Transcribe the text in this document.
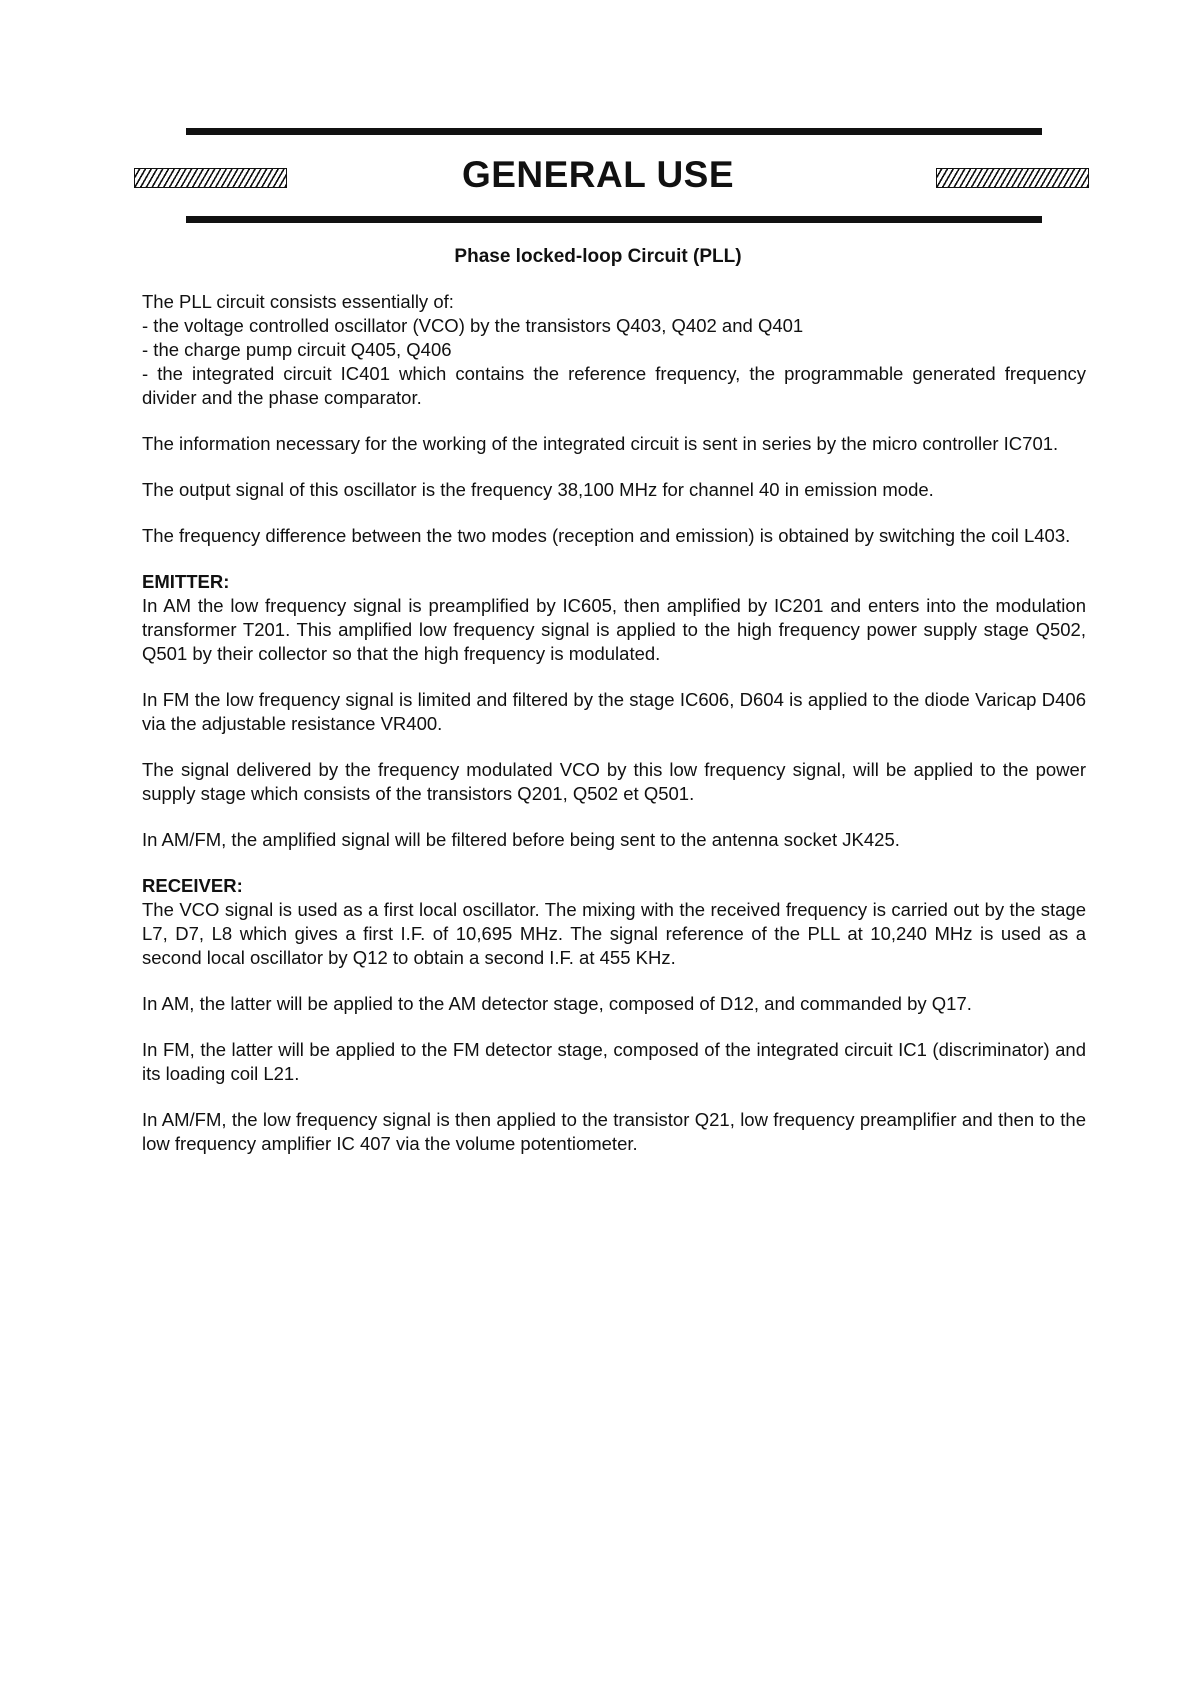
GENERAL USE
Phase locked-loop Circuit (PLL)

The PLL circuit consists essentially of:
- the voltage controlled oscillator (VCO) by the transistors Q403, Q402 and Q401
- the charge pump circuit Q405, Q406
- the integrated circuit IC401 which contains the reference frequency, the programmable generated frequency divider and the phase comparator.

The information necessary for the working of the integrated circuit is sent in series by the micro controller IC701.

The output signal of this oscillator is the frequency 38,100 MHz for channel 40 in emission mode.

The frequency difference between the two modes (reception and emission) is obtained by switching the coil L403.

EMITTER:
In AM the low frequency signal is preamplified by IC605, then amplified by IC201 and enters into the modulation transformer T201. This amplified low frequency signal is applied to the high frequency power supply stage Q502, Q501 by their collector so that the high frequency is modulated.

In FM the low frequency signal is limited and filtered by the stage IC606, D604 is applied to the diode Varicap D406 via the adjustable resistance VR400.

The signal delivered by the frequency modulated VCO by this low frequency signal, will be applied to the power supply stage which consists of the transistors Q201, Q502 et Q501.

In AM/FM, the amplified signal will be filtered before being sent to the antenna socket JK425.

RECEIVER:
The VCO signal is used as a first local oscillator. The mixing with the received frequency is carried out by the stage L7, D7, L8 which gives a first I.F. of 10,695 MHz. The signal reference of the PLL at 10,240 MHz is used as a second local oscillator by Q12 to obtain a second I.F. at 455 KHz.

In AM, the latter will be applied to the AM detector stage, composed of D12, and commanded by Q17.

In FM, the latter will be applied to the FM detector stage, composed of the integrated circuit IC1 (discriminator) and its loading coil L21.

In AM/FM, the low frequency signal is then applied to the transistor Q21, low frequency preamplifier and then to the low frequency amplifier IC 407 via the volume potentiometer.
